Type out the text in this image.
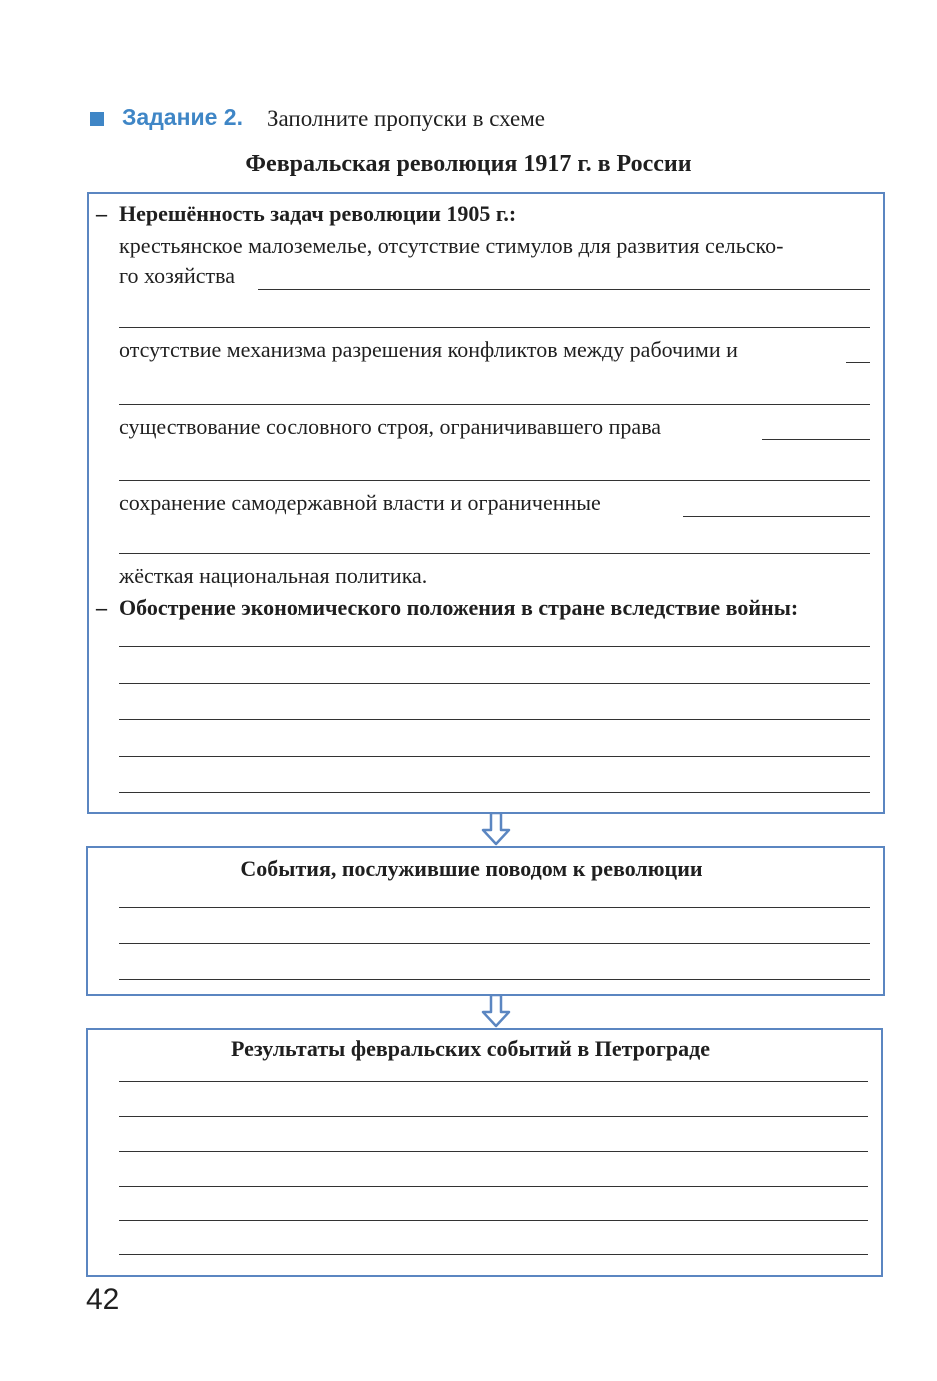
Задание 2. Заполните пропуски в схеме
Февральская революция 1917 г. в России
– Нерешённость задач революции 1905 г.:
крестьянское малоземелье, отсутствие стимулов для развития сельско-
го хозяйства
отсутствие механизма разрешения конфликтов между рабочими и
существование сословного строя, ограничивавшего права
сохранение самодержавной власти и ограниченные
жёсткая национальная политика.
– Обострение экономического положения в стране вследствие войны:
События, послужившие поводом к революции
Результаты февральских событий в Петрограде
42
